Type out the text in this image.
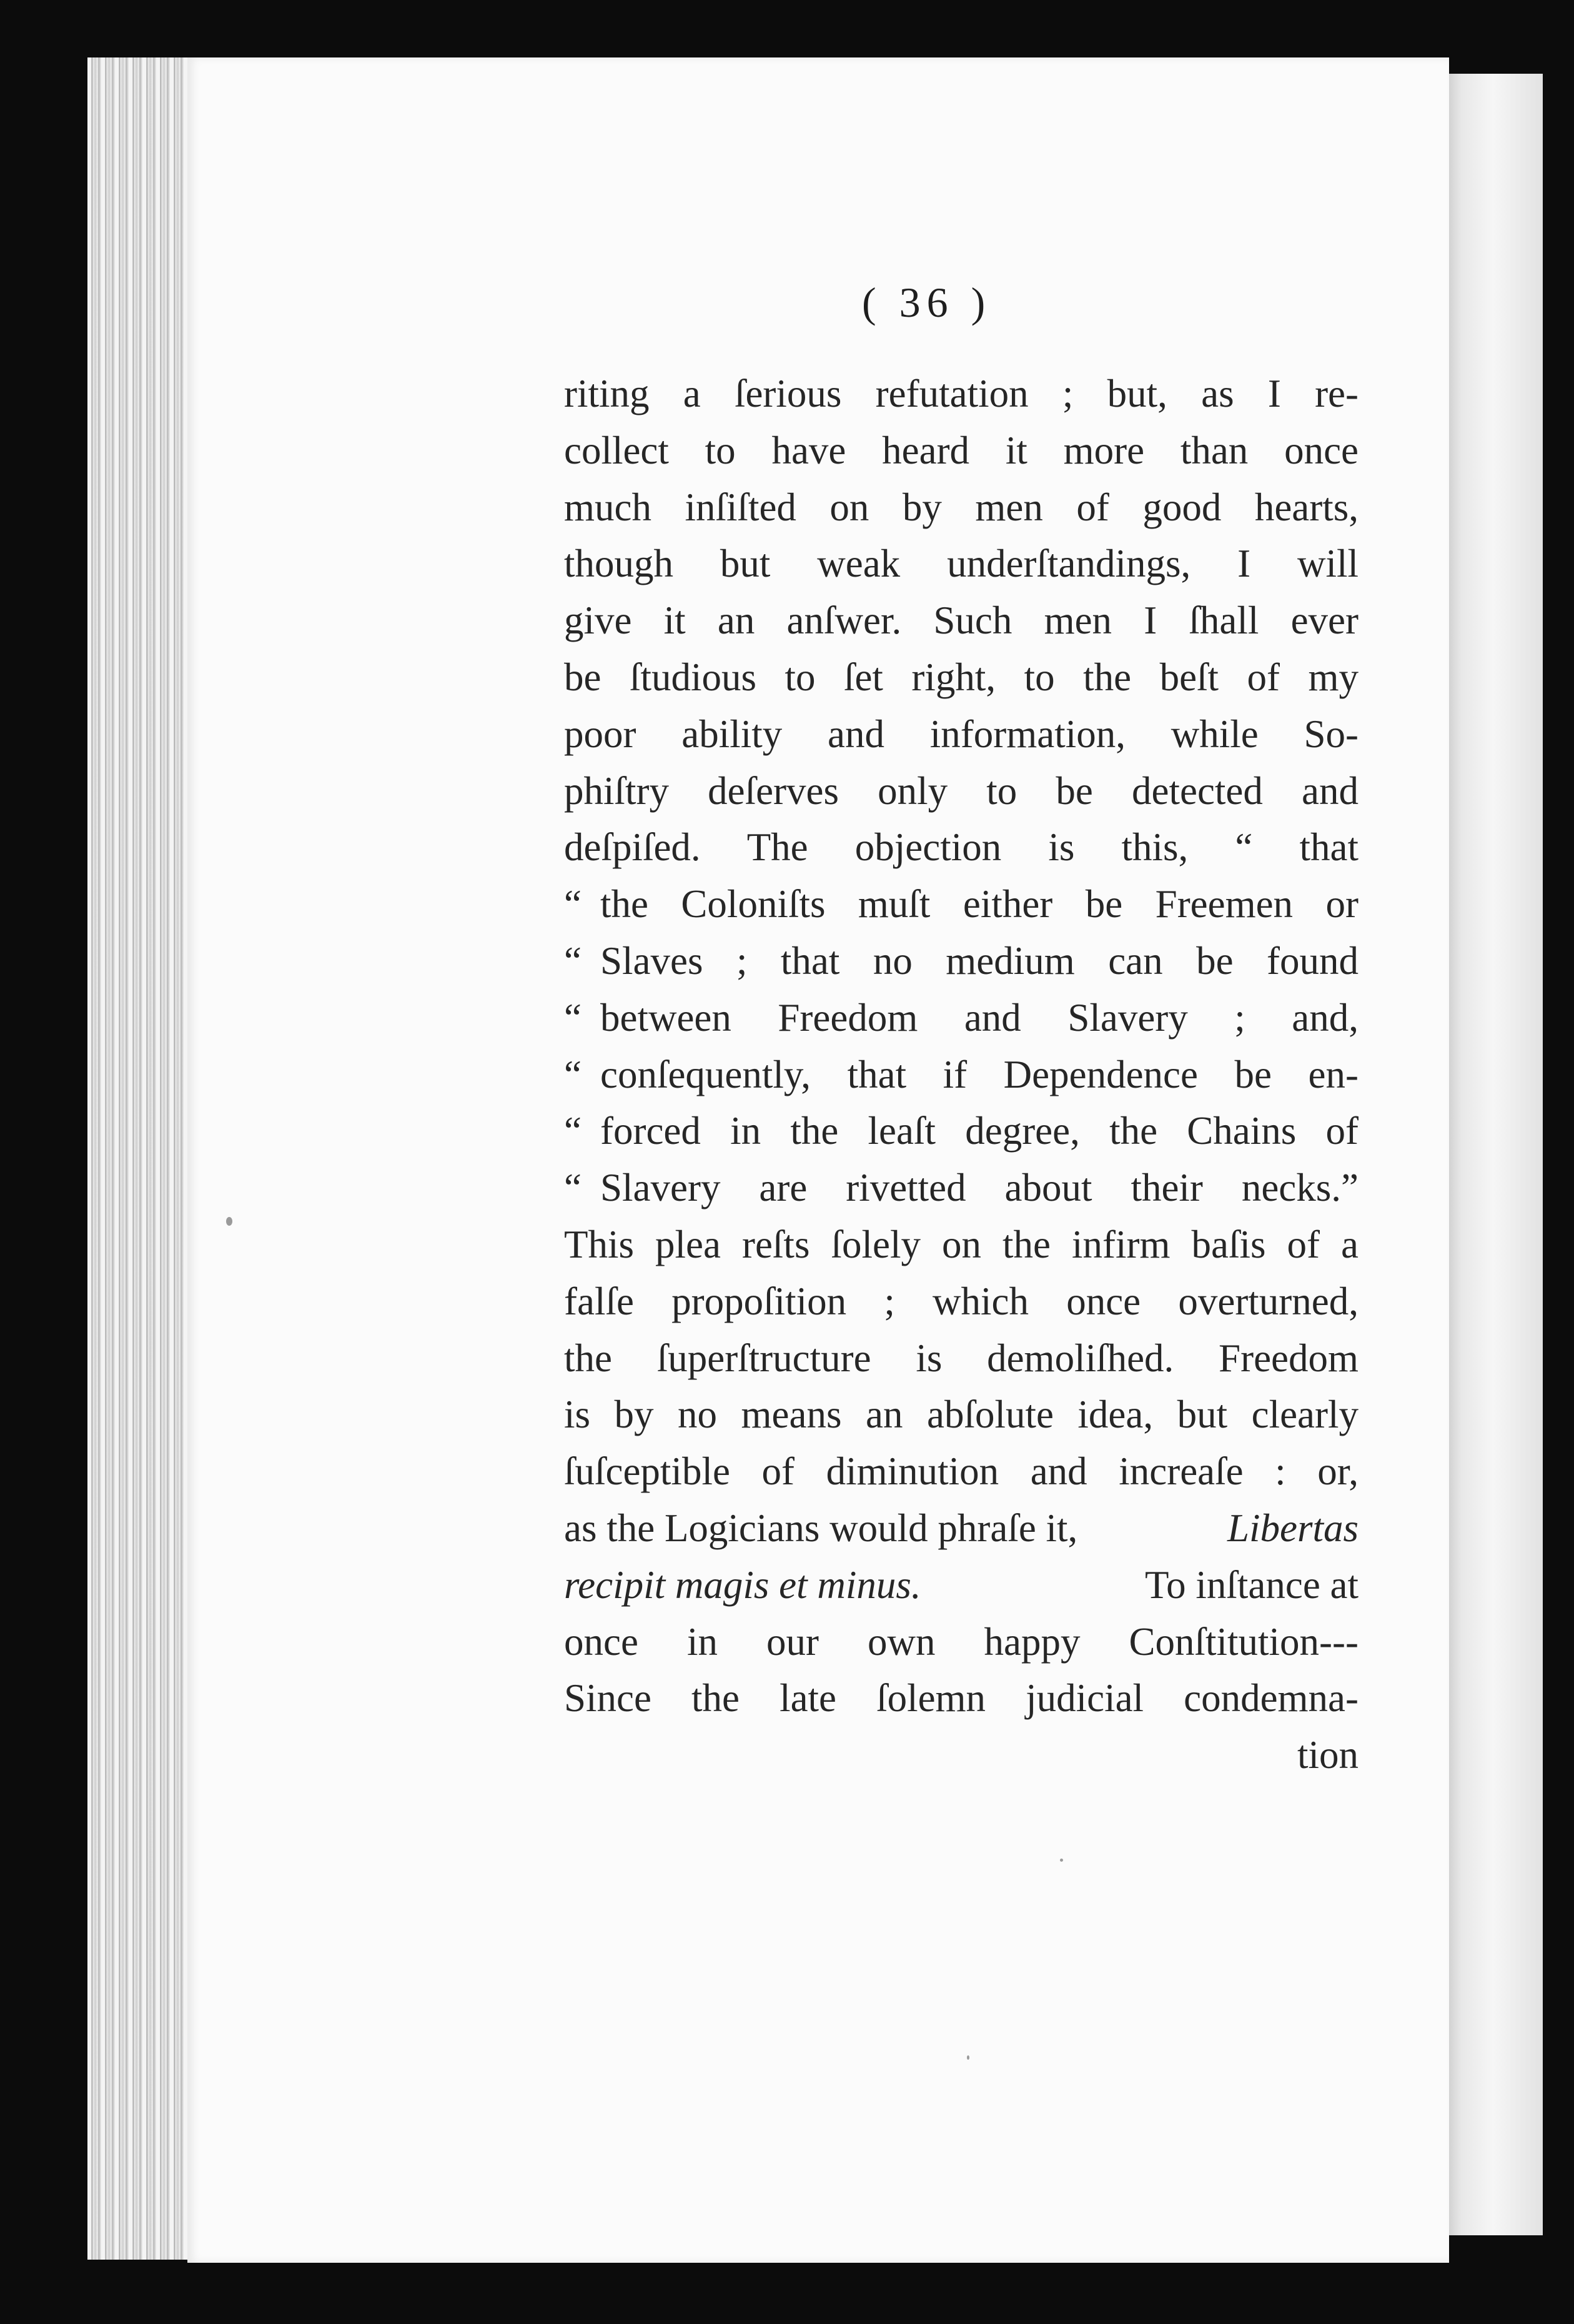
( 36 )
riting a ſerious refutation ; but, as I re-
collect to have heard it more than once
much inſiſted on by men of good hearts,
though but weak underſtandings, I will
give it an anſwer. Such men I ſhall ever
be ſtudious to ſet right, to the beſt of my
poor ability and information, while So-
phiſtry deſerves only to be detected and
deſpiſed. The objection is this, “ that
“ the Coloniſts muſt either be Freemen or
“ Slaves ; that no medium can be found
“ between Freedom and Slavery ; and,
“ conſequently, that if Dependence be en-
“ forced in the leaſt degree, the Chains of
“ Slavery are rivetted about their necks.”
This plea reſts ſolely on the infirm baſis of a
falſe propoſition ; which once overturned,
the ſuperſtructure is demoliſhed. Freedom
is by no means an abſolute idea, but clearly
ſuſceptible of diminution and increaſe : or,
as the Logicians would phraſe it,	Libertas
recipit magis et minus.	To inſtance at
once in our own happy Conſtitution---
Since the late ſolemn judicial condemna-
tion
